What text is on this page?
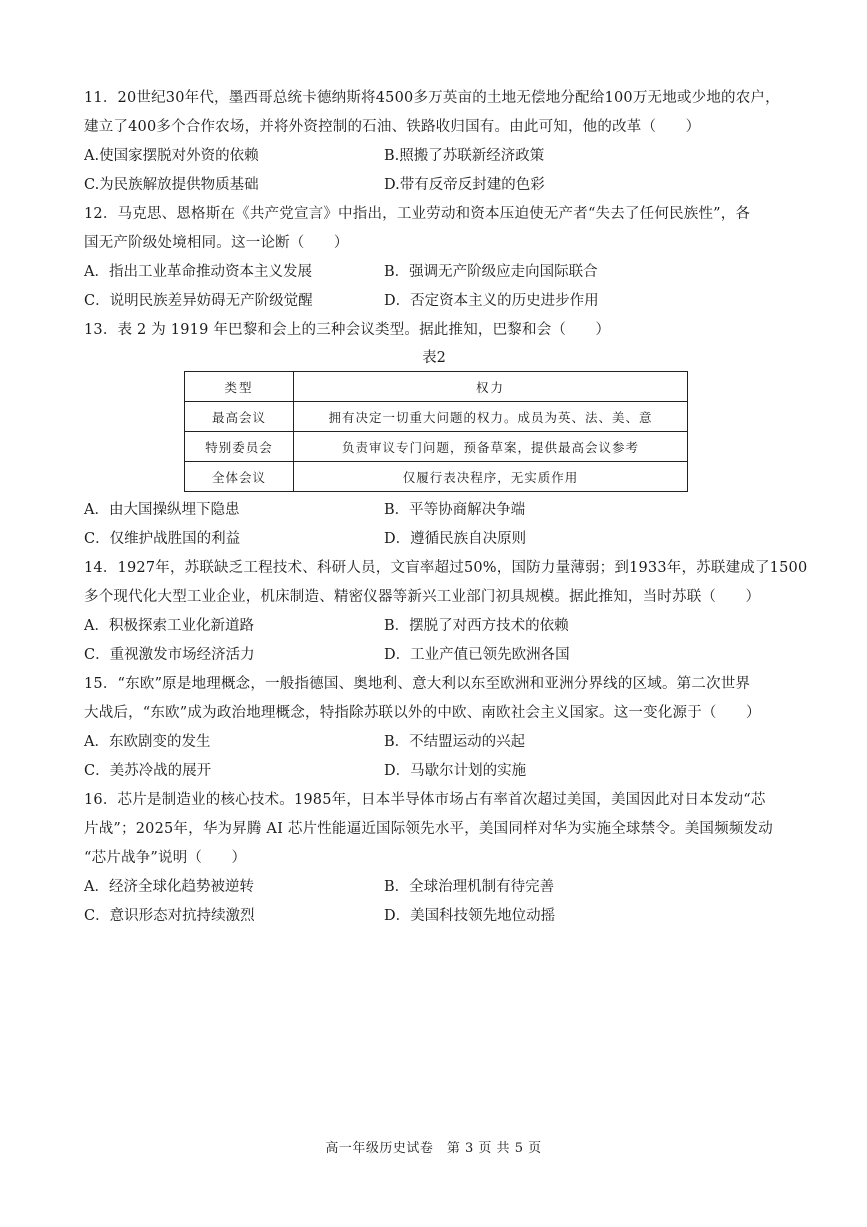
11．20世纪30年代，墨西哥总统卡德纳斯将4500多万英亩的土地无偿地分配给100万无地或少地的农户，
建立了400多个合作农场，并将外资控制的石油、铁路收归国有。由此可知，他的改革（　　）
A.使国家摆脱对外资的依赖	B.照搬了苏联新经济政策
C.为民族解放提供物质基础	D.带有反帝反封建的色彩
12．马克思、恩格斯在《共产党宣言》中指出，工业劳动和资本压迫使无产者“失去了任何民族性”，各
国无产阶级处境相同。这一论断（　　）
A．指出工业革命推动资本主义发展	B．强调无产阶级应走向国际联合
C．说明民族差异妨碍无产阶级觉醒	D．否定资本主义的历史进步作用
13．表 2 为 1919 年巴黎和会上的三种会议类型。据此推知，巴黎和会（　　）
表2
类型	权力
最高会议	拥有决定一切重大问题的权力。成员为英、法、美、意
特别委员会	负责审议专门问题，预备草案，提供最高会议参考
全体会议	仅履行表决程序，无实质作用
A．由大国操纵埋下隐患	B．平等协商解决争端
C．仅维护战胜国的利益	D．遵循民族自决原则
14．1927年，苏联缺乏工程技术、科研人员，文盲率超过50%，国防力量薄弱；到1933年，苏联建成了1500
多个现代化大型工业企业，机床制造、精密仪器等新兴工业部门初具规模。据此推知，当时苏联（　　）
A．积极探索工业化新道路	B．摆脱了对西方技术的依赖
C．重视激发市场经济活力	D．工业产值已领先欧洲各国
15．“东欧”原是地理概念，一般指德国、奥地利、意大利以东至欧洲和亚洲分界线的区域。第二次世界
大战后，“东欧”成为政治地理概念，特指除苏联以外的中欧、南欧社会主义国家。这一变化源于（　　）
A．东欧剧变的发生	B．不结盟运动的兴起
C．美苏冷战的展开	D．马歇尔计划的实施
16．芯片是制造业的核心技术。1985年，日本半导体市场占有率首次超过美国，美国因此对日本发动“芯
片战”；2025年，华为昇腾 AI 芯片性能逼近国际领先水平，美国同样对华为实施全球禁令。美国频频发动
“芯片战争”说明（　　）
A．经济全球化趋势被逆转	B．全球治理机制有待完善
C．意识形态对抗持续激烈	D．美国科技领先地位动摇
高一年级历史试卷　第 3 页 共 5 页
